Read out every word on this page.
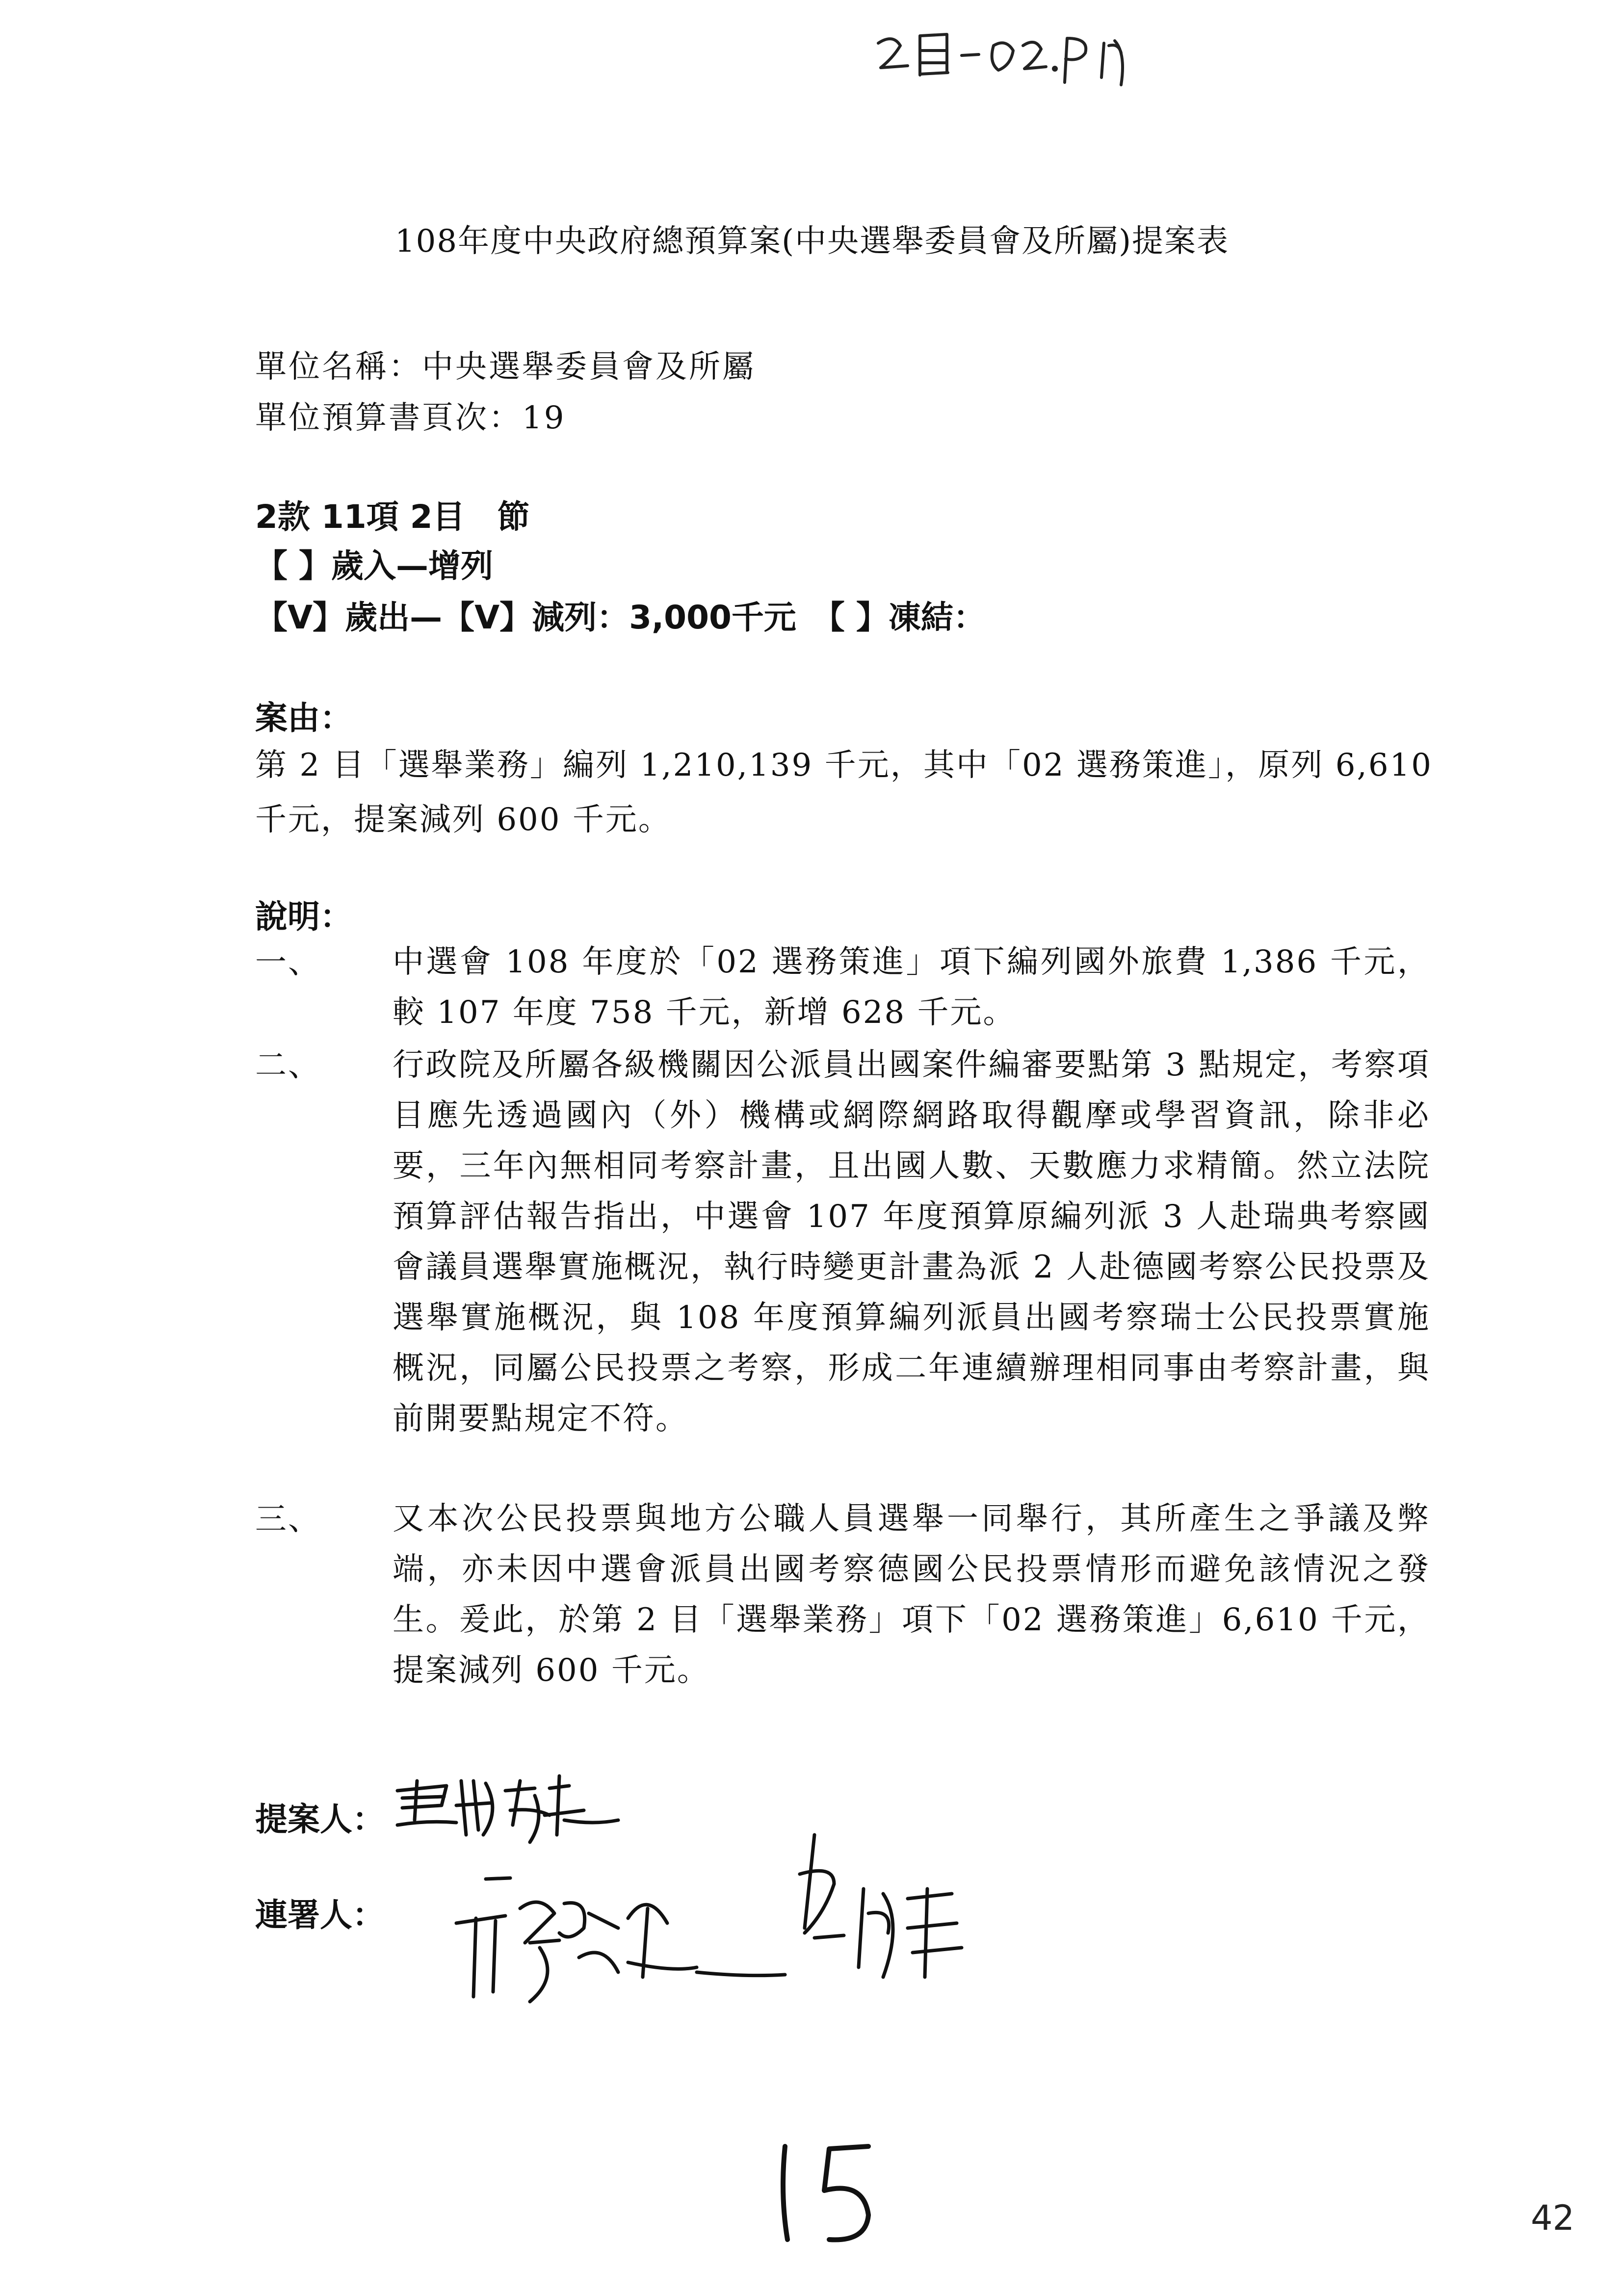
108年度中央政府總預算案(中央選舉委員會及所屬)提案表
單位名稱：中央選舉委員會及所屬
單位預算書頁次：19
2款 11項 2目　節
【 】歲入—增列
【V】歲出—【V】減列：3,000千元　【 】凍結：
案由：
第 2 目「選舉業務」編列 1,210,139 千元，其中「02 選務策進」，原列 6,610 千元，提案減列 600 千元。
說明：
一、	中選會 108 年度於「02 選務策進」項下編列國外旅費 1,386 千元，較 107 年度 758 千元，新增 628 千元。
二、	行政院及所屬各級機關因公派員出國案件編審要點第 3 點規定，考察項目應先透過國內（外）機構或網際網路取得觀摩或學習資訊，除非必要，三年內無相同考察計畫，且出國人數、天數應力求精簡。然立法院預算評估報告指出，中選會 107 年度預算原編列派 3 人赴瑞典考察國會議員選舉實施概況，執行時變更計畫為派 2 人赴德國考察公民投票及選舉實施概況，與 108 年度預算編列派員出國考察瑞士公民投票實施概況，同屬公民投票之考察，形成二年連續辦理相同事由考察計畫，與前開要點規定不符。
三、	又本次公民投票與地方公職人員選舉一同舉行，其所產生之爭議及弊端，亦未因中選會派員出國考察德國公民投票情形而避免該情況之發生。爰此，於第 2 目「選舉業務」項下「02 選務策進」6,610 千元，提案減列 600 千元。
提案人：
連署人：
42
